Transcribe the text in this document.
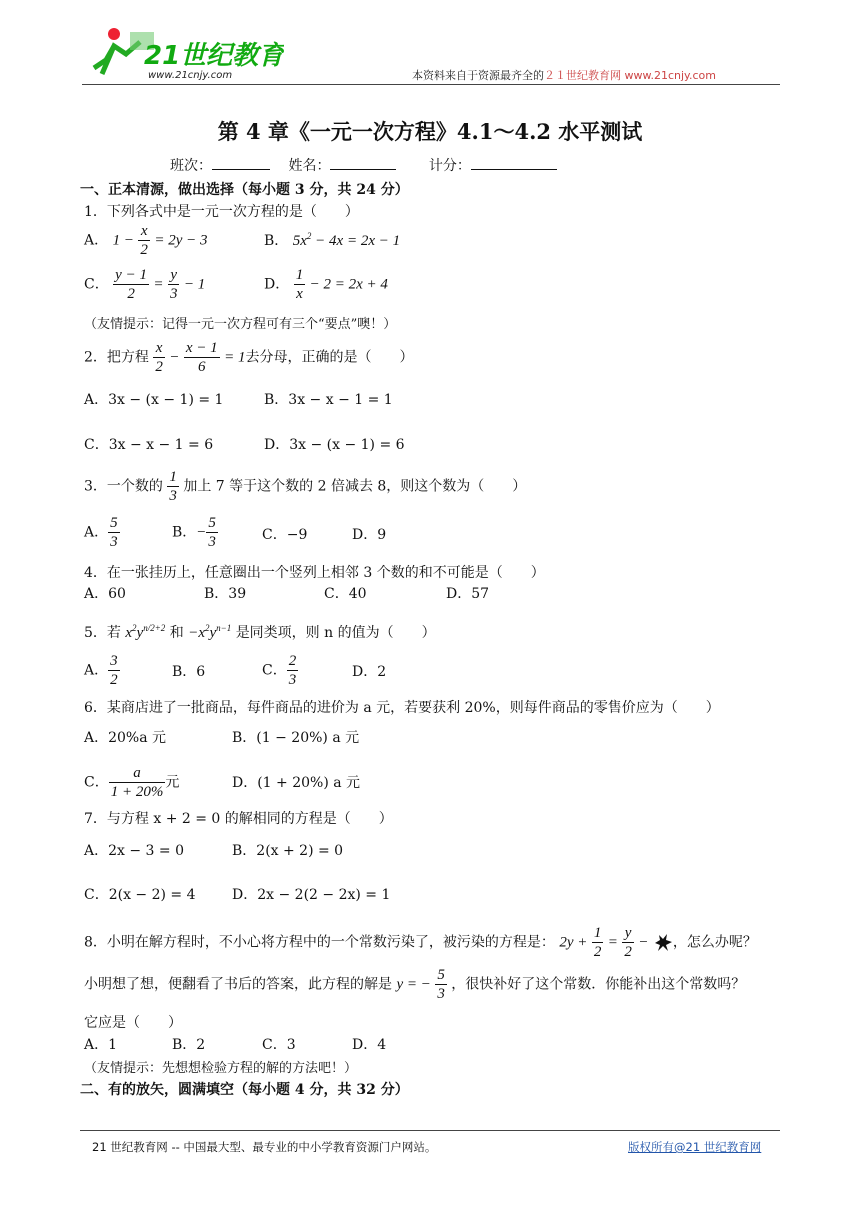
21世纪教育
www.21cnjy.com	本资料来自于资源最齐全的２１世纪教育网 www.21cnjy.com
第 4 章《一元一次方程》4.1～4.2 水平测试
班次：	姓名：	计分：
一、正本清源，做出选择（每小题 3 分，共 24 分）
1．下列各式中是一元一次方程的是（　　）
A． $1 - \frac{x}{2} = 2y - 3$	B． $5x^2 - 4x = 2x - 1$
C． $\frac{y - 1}{2} = \frac{y}{3} - 1$	D． $\frac{1}{x} - 2 = 2x + 4$
（友情提示：记得一元一次方程可有三个“要点”噢！）
2．把方程 $\frac{x}{2} - \frac{x - 1}{6} = 1$去分母，正确的是（　　）
A．3x − (x − 1) = 1	B．3x − x − 1 = 1
C．3x − x − 1 = 6	D．3x − (x − 1) = 6
3．一个数的 $\frac{1}{3}$ 加上 7 等于这个数的 2 倍减去 8，则这个数为（　　）
A． $\frac{5}{3}$	B．− $\frac{5}{3}$	C．−9	D．9
4．在一张挂历上，任意圈出一个竖列上相邻 3 个数的和不可能是（　　）
A．60	B．39	C．40	D．57
5．若 $x^2y^{n/2+2}$ 和 $-x^2y^{n-1}$ 是同类项，则 n 的值为（　　）
A． $\frac{3}{2}$	B．6	C． $\frac{2}{3}$	D．2
6．某商店进了一批商品，每件商品的进价为 a 元，若要获利 20%，则每件商品的零售价应为（　　）
A．20%a 元	B．(1 − 20%) a 元
C． $\frac{a}{1 + 20\%}$ 元	D．(1 + 20%) a 元
7．与方程 x + 2 = 0 的解相同的方程是（　　）
A．2x − 3 = 0	B．2(x + 2) = 0
C．2(x − 2) = 4	D．2x − 2(2 − 2x) = 1
8．小明在解方程时，不小心将方程中的一个常数污染了，被污染的方程是： $2y + \frac{1}{2} = \frac{y}{2}$ − ，怎么办呢？
小明想了想，便翻看了书后的答案，此方程的解是 y = − $\frac{5}{3}$ ，很快补好了这个常数．你能补出这个常数吗？
它应是（　　）
A．1	B．2	C．3	D．4
（友情提示：先想想检验方程的解的方法吧！）
二、有的放矢，圆满填空（每小题 4 分，共 32 分）
21 世纪教育网 -- 中国最大型、最专业的中小学教育资源门户网站。	版权所有@21 世纪教育网
